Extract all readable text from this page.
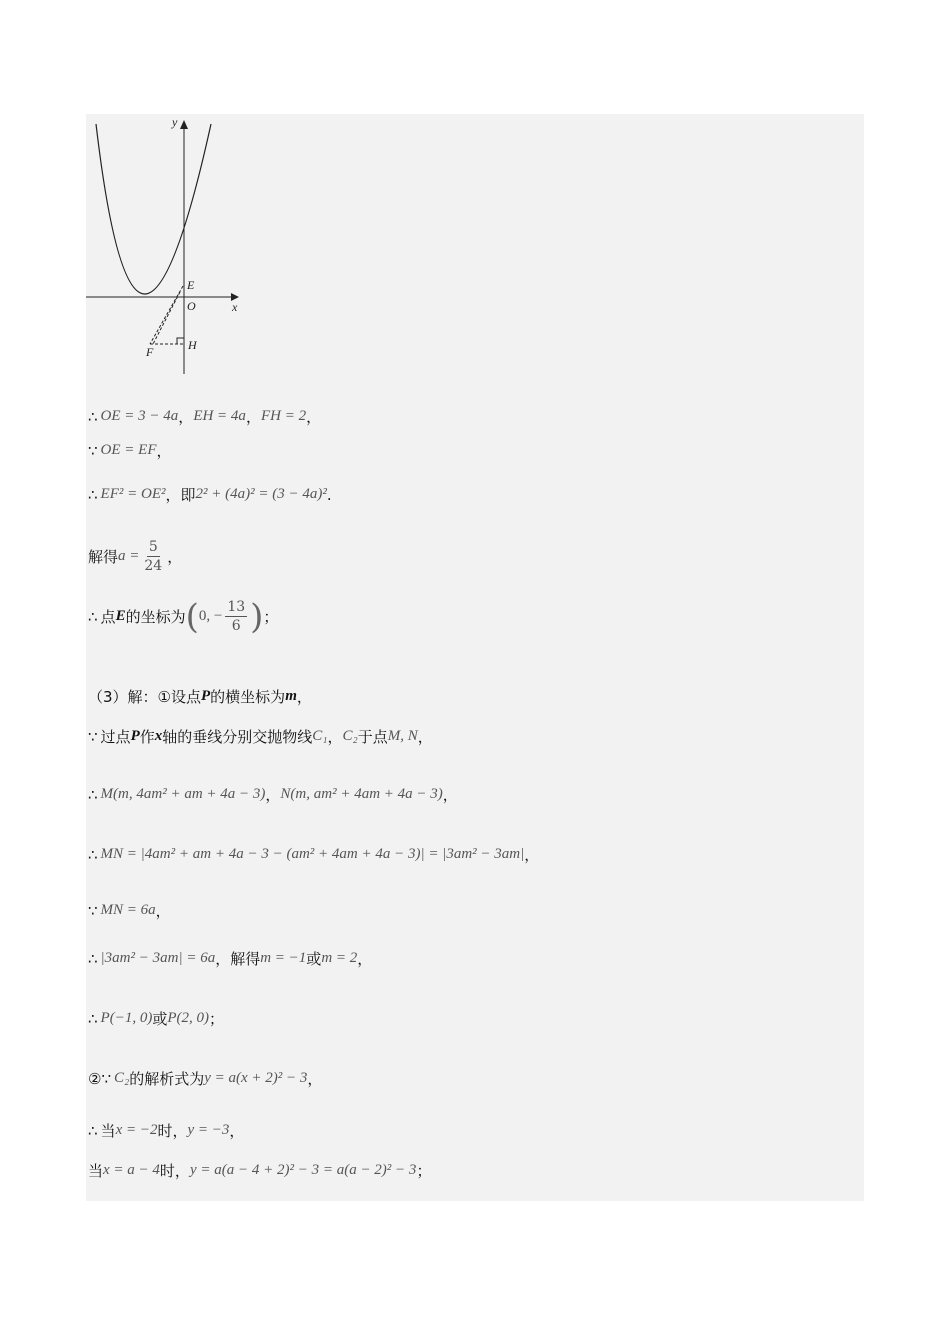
y
x
E
O
F	H
∴ OE = 3 − 4a ， EH = 4a ， FH = 2 ，
∵ OE = EF ，
∴ EF² = OE² ，即 2² + (4a)² = (3 − 4a)² .
解得 $a = \frac{5}{24}$ ，
∴ 点 E 的坐标为 ( 0, − $\frac{13}{6}$ ) ；
（3）解：①设点 P 的横坐标为 m ，
∵ 过点 P 作 x 轴的垂线分别交抛物线 C₁ ， C₂ 于点 M, N ，
∴ M(m, 4am² + am + 4a − 3) ， N(m, am² + 4am + 4a − 3) ，
∴ MN = |4am² + am + 4a − 3 − (am² + 4am + 4a − 3)| = |3am² − 3am| ，
∵ MN = 6a ，
∴ |3am² − 3am| = 6a ，解得 m = −1 或 m = 2 ，
∴ P(−1, 0) 或 P(2, 0) ；
②∵ C₂ 的解析式为 y = a(x + 2)² − 3 ，
∴ 当 x = −2 时， y = −3 ，
当 x = a − 4 时， y = a(a − 4 + 2)² − 3 = a(a − 2)² − 3 ；
